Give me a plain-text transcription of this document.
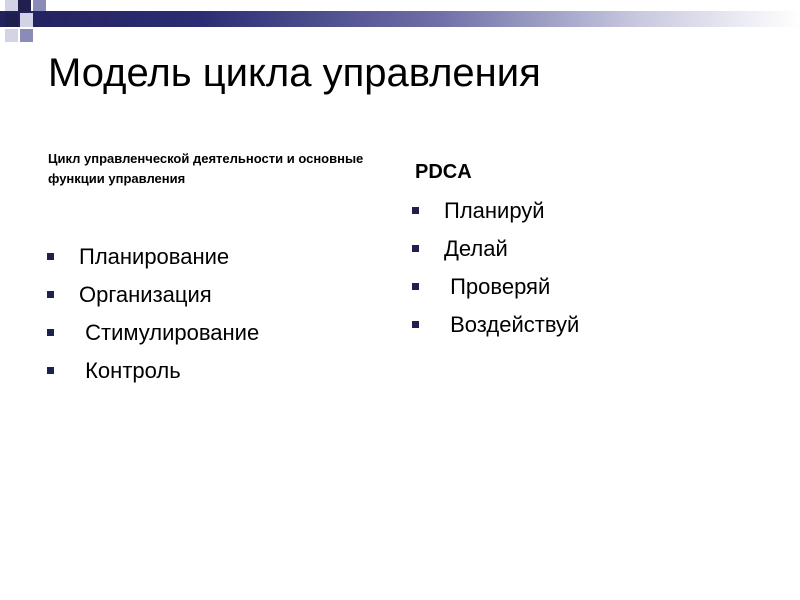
Модель цикла управления

Цикл управленческой деятельности и основные функции управления

Планирование
Организация
Стимулирование
Контроль

PDCA

Планируй
Делай
Проверяй
Воздействуй
